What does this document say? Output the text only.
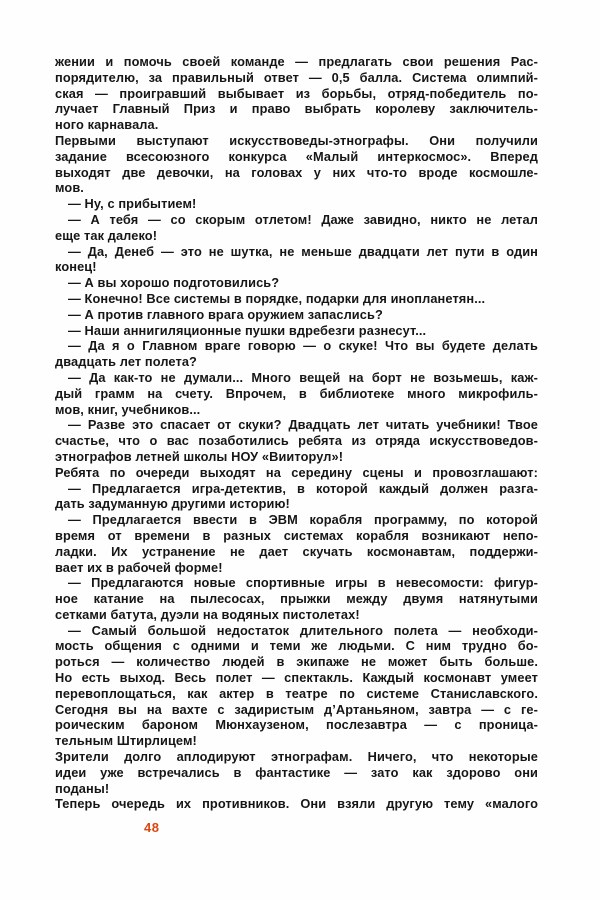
жении и помочь своей команде — предлагать свои решения Рас-
порядителю, за правильный ответ — 0,5 балла. Система олимпий-
ская — проигравший выбывает из борьбы, отряд-победитель по-
лучает Главный Приз и право выбрать королеву заключитель-
ного карнавала.
Первыми выступают искусствоведы-этнографы. Они получили
задание всесоюзного конкурса «Малый интеркосмос». Вперед
выходят две девочки, на головах у них что-то вроде космошле-
мов.
— Ну, с прибытием!
— А тебя — со скорым отлетом! Даже завидно, никто не летал
еще так далеко!
— Да, Денеб — это не шутка, не меньше двадцати лет пути в один
конец!
— А вы хорошо подготовились?
— Конечно! Все системы в порядке, подарки для инопланетян...
— А против главного врага оружием запаслись?
— Наши аннигиляционные пушки вдребезги разнесут...
— Да я о Главном враге говорю — о скуке! Что вы будете делать
двадцать лет полета?
— Да как-то не думали... Много вещей на борт не возьмешь, каж-
дый грамм на счету. Впрочем, в библиотеке много микрофиль-
мов, книг, учебников...
— Разве это спасает от скуки? Двадцать лет читать учебники! Твое
счастье, что о вас позаботились ребята из отряда искусствоведов-
этнографов летней школы НОУ «Вииторул»!
Ребята по очереди выходят на середину сцены и провозглашают:
— Предлагается игра-детектив, в которой каждый должен разга-
дать задуманную другими историю!
— Предлагается ввести в ЭВМ корабля программу, по которой
время от времени в разных системах корабля возникают непо-
ладки. Их устранение не дает скучать космонавтам, поддержи-
вает их в рабочей форме!
— Предлагаются новые спортивные игры в невесомости: фигур-
ное катание на пылесосах, прыжки между двумя натянутыми
сетками батута, дуэли на водяных пистолетах!
— Самый большой недостаток длительного полета — необходи-
мость общения с одними и теми же людьми. С ним трудно бо-
роться — количество людей в экипаже не может быть больше.
Но есть выход. Весь полет — спектакль. Каждый космонавт умеет
перевоплощаться, как актер в театре по системе Станиславского.
Сегодня вы на вахте с задиристым д’Артаньяном, завтра — с ге-
роическим бароном Мюнхаузеном, послезавтра — с проница-
тельным Штирлицем!
Зрители долго аплодируют этнографам. Ничего, что некоторые
идеи уже встречались в фантастике — зато как здорово они
поданы!
Теперь очередь их противников. Они взяли другую тему «малого
48
